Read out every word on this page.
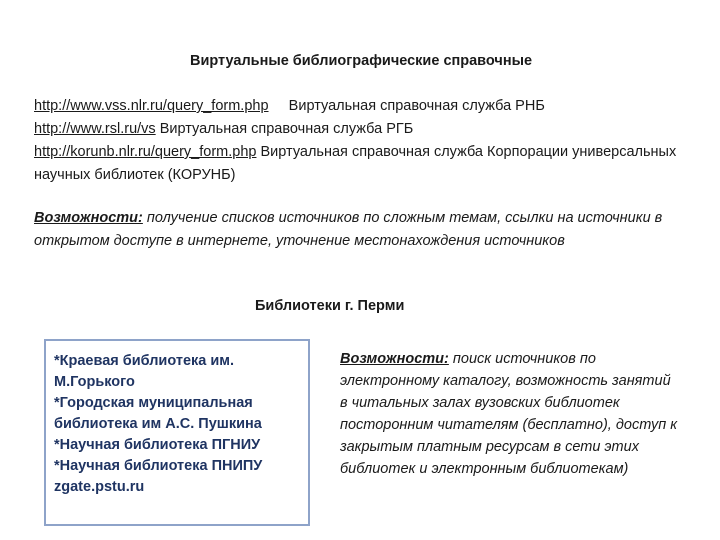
Виртуальные библиографические справочные
http://www.vss.nlr.ru/query_form.php Виртуальная справочная служба РНБ
http://www.rsl.ru/vs Виртуальная справочная служба РГБ
http://korunb.nlr.ru/query_form.php Виртуальная справочная служба Корпорации универсальных научных библиотек (КОРУНБ)
Возможности: получение списков источников по сложным темам, ссылки на источники в открытом доступе в интернете, уточнение местонахождения источников
Библиотеки г. Перми
*Краевая библиотека им. М.Горького
*Городская муниципальная библиотека им А.С. Пушкина
*Научная библиотека ПГНИУ
*Научная библиотека ПНИПУ
zgate.pstu.ru
Возможности: поиск источников по электронному каталогу, возможность занятий в читальных залах вузовских библиотек посторонним читателям (бесплатно), доступ к закрытым платным ресурсам в сети этих библиотек и электронным библиотекам)
